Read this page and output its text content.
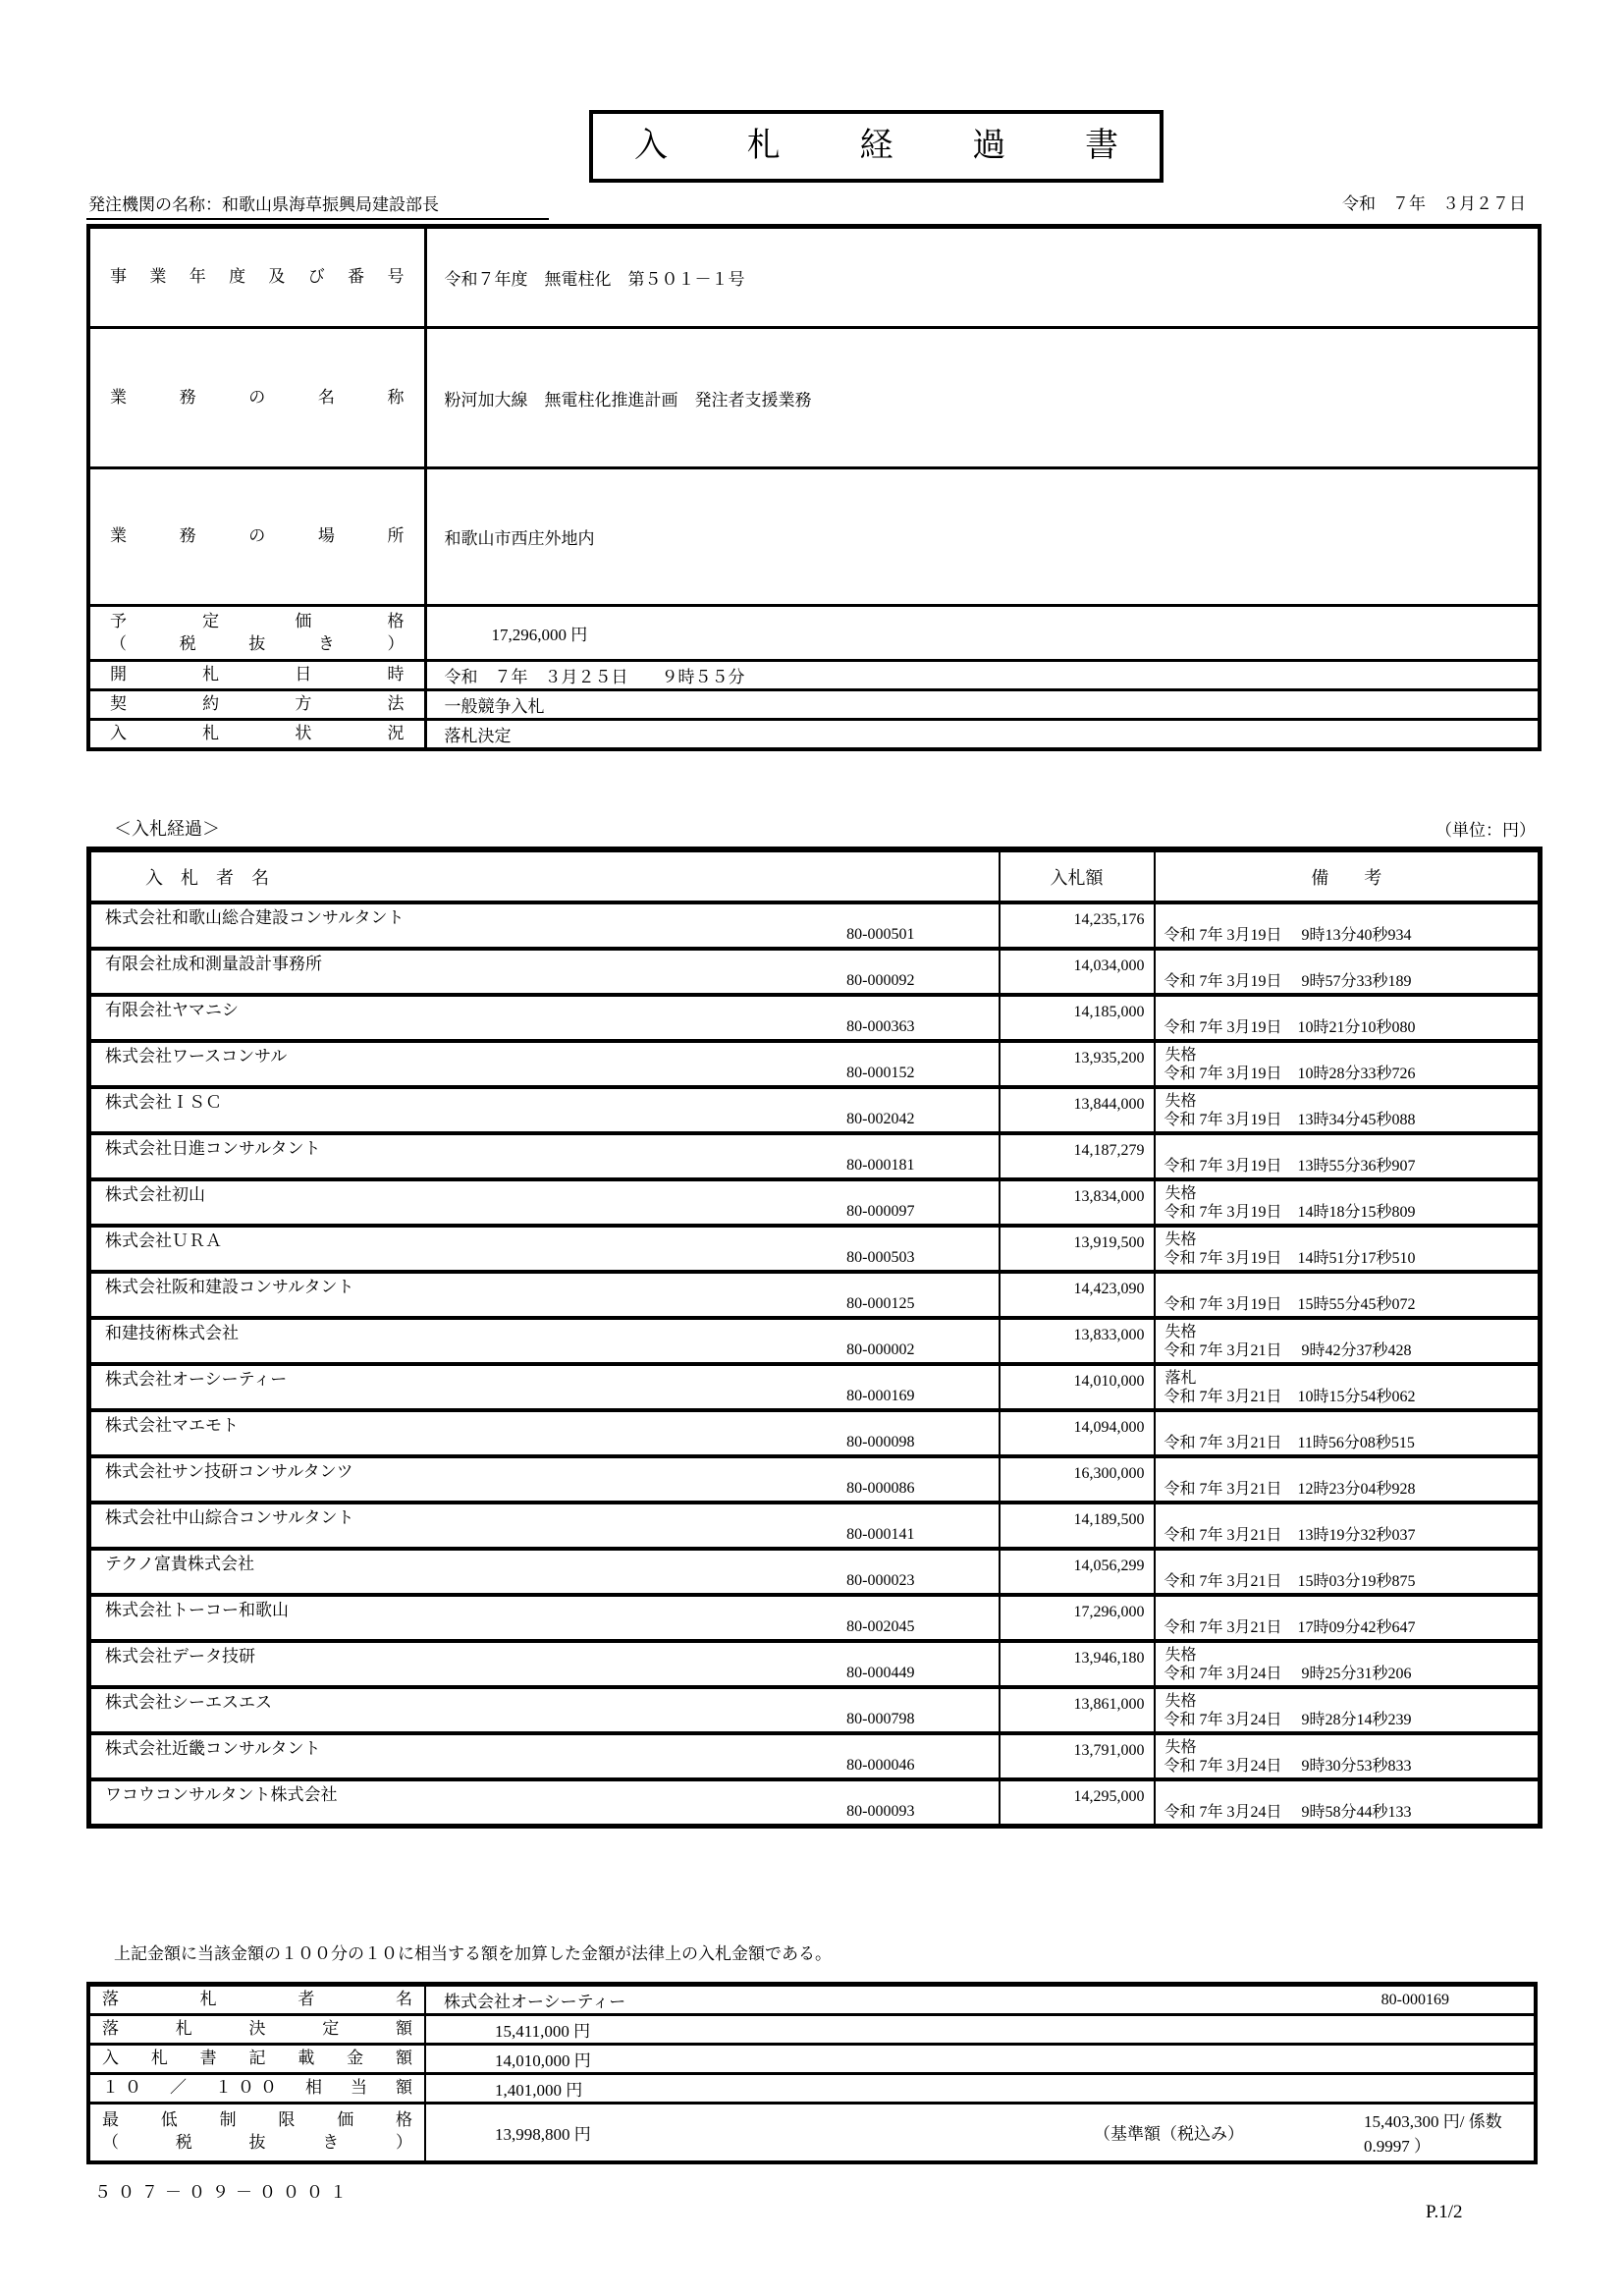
入　札　経　過　書
発注機関の名称：和歌山県海草振興局建設部長	令和　７年　３月２７日
事　業　年　度　及　び　番　号	令和７年度　無電柱化　第５０１－１号

業　務　の　名　称	粉河加大線　無電柱化推進計画　発注者支援業務

業　務　の　場　所	和歌山市西庄外地内

予　定　価　格
（　税　抜　き　）	17,296,000 円

開　札　日　時	令和　７年　３月２５日　　９時５５分

契　約　方　法	一般競争入札

入　札　状　況	落札決定
＜入札経過＞	（単位：円）
入　札　者　名	入札額	備　　考

株式会社和歌山総合建設コンサルタント
80-000501	14,235,176	令和 7年 3月19日　 9時13分40秒934

有限会社成和測量設計事務所
80-000092	14,034,000	令和 7年 3月19日　 9時57分33秒189

有限会社ヤマニシ
80-000363	14,185,000	令和 7年 3月19日　10時21分10秒080

株式会社ワースコンサル
80-000152
	13,935,200	失格
令和 7年 3月19日　10時28分33秒726

株式会社ＩＳＣ
80-002042
	13,844,000	失格
令和 7年 3月19日　13時34分45秒088

株式会社日進コンサルタント
80-000181	14,187,279	令和 7年 3月19日　13時55分36秒907

株式会社初山
80-000097
	13,834,000	失格
令和 7年 3月19日　14時18分15秒809

株式会社ＵＲＡ
80-000503
	13,919,500	失格
令和 7年 3月19日　14時51分17秒510

株式会社阪和建設コンサルタント
80-000125	14,423,090	令和 7年 3月19日　15時55分45秒072

和建技術株式会社
80-000002
	13,833,000	失格
令和 7年 3月21日　 9時42分37秒428

株式会社オーシーティー
80-000169
	14,010,000	落札
令和 7年 3月21日　10時15分54秒062

株式会社マエモト
80-000098	14,094,000	令和 7年 3月21日　11時56分08秒515

株式会社サン技研コンサルタンツ
80-000086	16,300,000	令和 7年 3月21日　12時23分04秒928

株式会社中山綜合コンサルタント
80-000141	14,189,500	令和 7年 3月21日　13時19分32秒037

テクノ富貴株式会社
80-000023	14,056,299	令和 7年 3月21日　15時03分19秒875

株式会社トーコー和歌山
80-002045	17,296,000	令和 7年 3月21日　17時09分42秒647

株式会社データ技研
80-000449
	13,946,180	失格
令和 7年 3月24日　 9時25分31秒206

株式会社シーエスエス
80-000798
	13,861,000	失格
令和 7年 3月24日　 9時28分14秒239

株式会社近畿コンサルタント
80-000046
	13,791,000	失格
令和 7年 3月24日　 9時30分53秒833

ワコウコンサルタント株式会社
80-000093	14,295,000	令和 7年 3月24日　 9時58分44秒133
上記金額に当該金額の１００分の１０に相当する額を加算した金額が法律上の入札金額である。
落　札　者　名	株式会社オーシーティー 80-000169

落　札　決　定　額	15,411,000 円

入　札　書　記　載　金　額	14,010,000 円

１０　／　１００　相　当　額	1,401,000 円

最　低　制　限　価　格
（　税　抜　き　）	13,998,800 円 （基準額（税込み）
15,403,300 円/ 係数 0.9997 ）
５０７－０９－０００１
P.1/2
